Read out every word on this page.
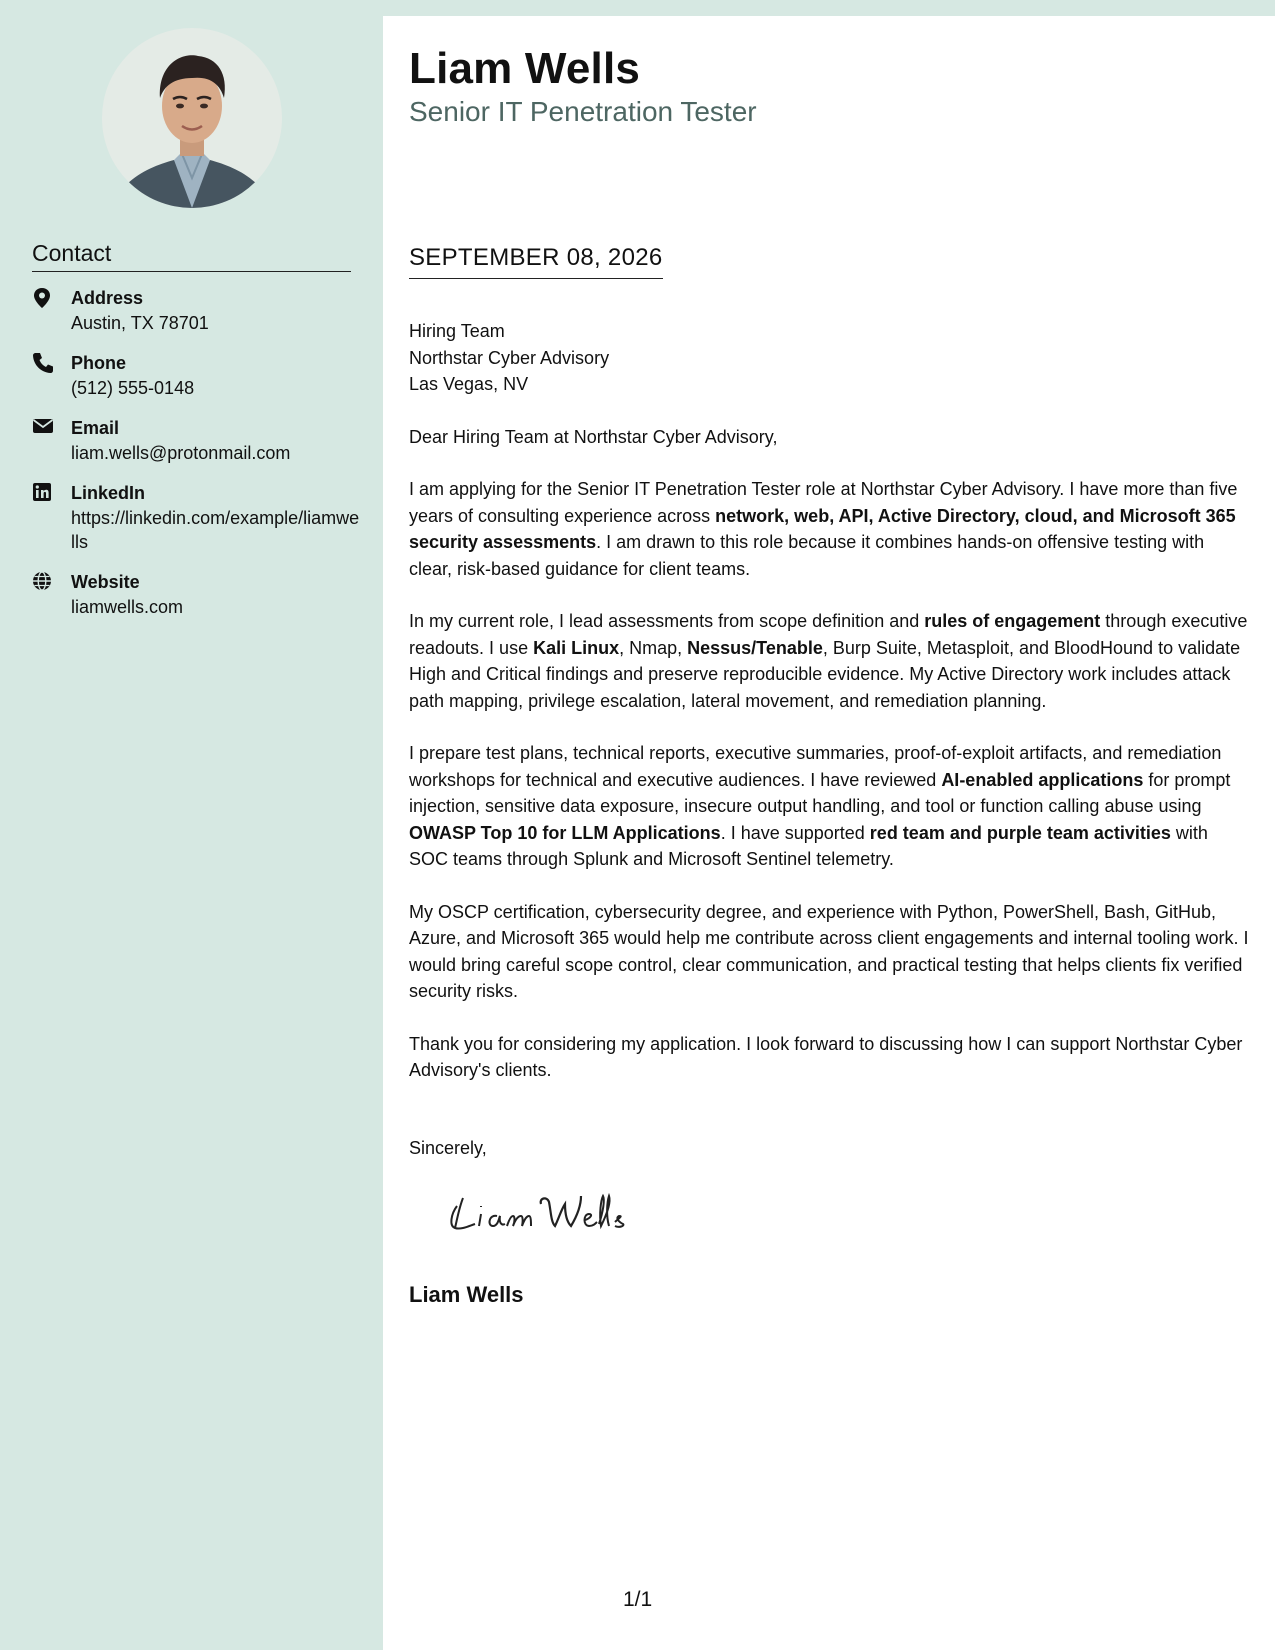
Contact
Address
Austin, TX 78701
Phone
(512) 555-0148
Email
liam.wells@protonmail.com
LinkedIn
https://linkedin.com/example/liamwells
Website
liamwells.com
Liam Wells
Senior IT Penetration Tester
SEPTEMBER 08, 2026
Hiring Team
Northstar Cyber Advisory
Las Vegas, NV

Dear Hiring Team at Northstar Cyber Advisory,

I am applying for the Senior IT Penetration Tester role at Northstar Cyber Advisory. I have more than five years of consulting experience across network, web, API, Active Directory, cloud, and Microsoft 365 security assessments. I am drawn to this role because it combines hands-on offensive testing with clear, risk-based guidance for client teams.

In my current role, I lead assessments from scope definition and rules of engagement through executive readouts. I use Kali Linux, Nmap, Nessus/Tenable, Burp Suite, Metasploit, and BloodHound to validate High and Critical findings and preserve reproducible evidence. My Active Directory work includes attack path mapping, privilege escalation, lateral movement, and remediation planning.

I prepare test plans, technical reports, executive summaries, proof-of-exploit artifacts, and remediation workshops for technical and executive audiences. I have reviewed AI-enabled applications for prompt injection, sensitive data exposure, insecure output handling, and tool or function calling abuse using OWASP Top 10 for LLM Applications. I have supported red team and purple team activities with SOC teams through Splunk and Microsoft Sentinel telemetry.

My OSCP certification, cybersecurity degree, and experience with Python, PowerShell, Bash, GitHub, Azure, and Microsoft 365 would help me contribute across client engagements and internal tooling work. I would bring careful scope control, clear communication, and practical testing that helps clients fix verified security risks.

Thank you for considering my application. I look forward to discussing how I can support Northstar Cyber Advisory's clients.

Sincerely,
Liam Wells
1/1
